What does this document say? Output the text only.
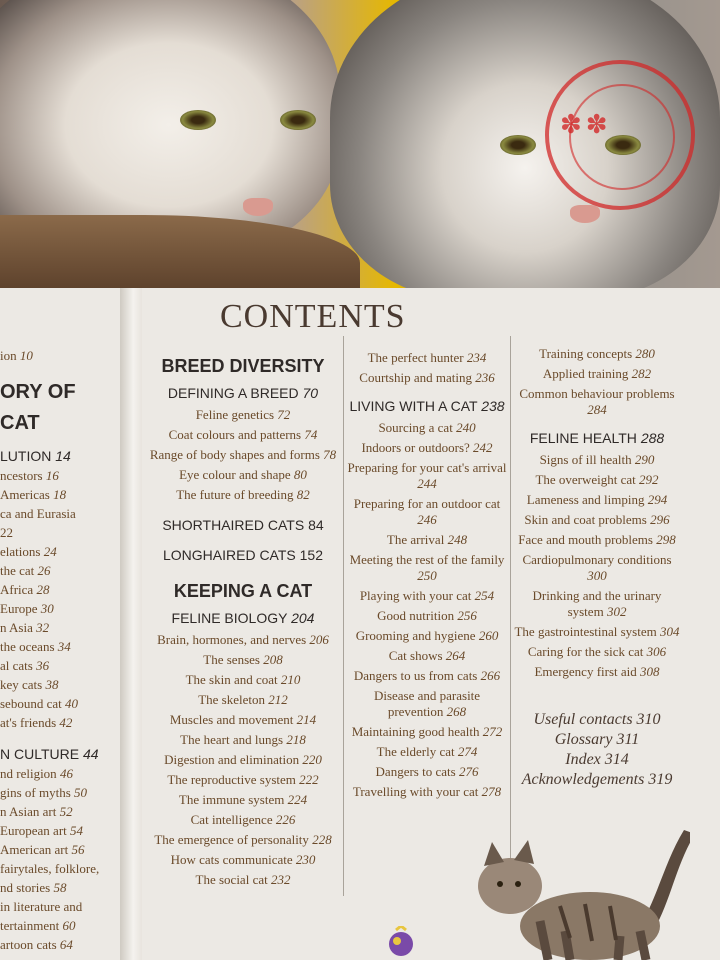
✽✽
CONTENTS
ion 10
ORY OF
CAT
LUTION 14
ncestors 16
Americas 18
ca and Eurasia
22
elations 24
the cat 26
Africa 28
Europe 30
n Asia 32
the oceans 34
al cats 36
key cats 38
sebound cat 40
at's friends 42
N CULTURE 44
nd religion 46
gins of myths 50
n Asian art 52
European art 54
American art 56
fairytales, folklore,
nd stories 58
in literature and
tertainment 60
artoon cats 64
BREED DIVERSITY
DEFINING A BREED 70
Feline genetics 72
Coat colours and patterns 74
Range of body shapes and forms 78
Eye colour and shape 80
The future of breeding 82
SHORTHAIRED CATS 84
LONGHAIRED CATS 152
KEEPING A CAT
FELINE BIOLOGY 204
Brain, hormones, and nerves 206
The senses 208
The skin and coat 210
The skeleton 212
Muscles and movement 214
The heart and lungs 218
Digestion and elimination 220
The reproductive system 222
The immune system 224
Cat intelligence 226
The emergence of personality 228
How cats communicate 230
The social cat 232
The perfect hunter 234
Courtship and mating 236
LIVING WITH A CAT 238
Sourcing a cat 240
Indoors or outdoors? 242
Preparing for your cat's arrival 244
Preparing for an outdoor cat 246
The arrival 248
Meeting the rest of the family 250
Playing with your cat 254
Good nutrition 256
Grooming and hygiene 260
Cat shows 264
Dangers to us from cats 266
Disease and parasite prevention 268
Maintaining good health 272
The elderly cat 274
Dangers to cats 276
Travelling with your cat 278
Training concepts 280
Applied training 282
Common behaviour problems 284
FELINE HEALTH 288
Signs of ill health 290
The overweight cat 292
Lameness and limping 294
Skin and coat problems 296
Face and mouth problems 298
Cardiopulmonary conditions 300
Drinking and the urinary system 302
The gastrointestinal system 304
Caring for the sick cat 306
Emergency first aid 308
Useful contacts 310
Glossary 311
Index 314
Acknowledgements 319
